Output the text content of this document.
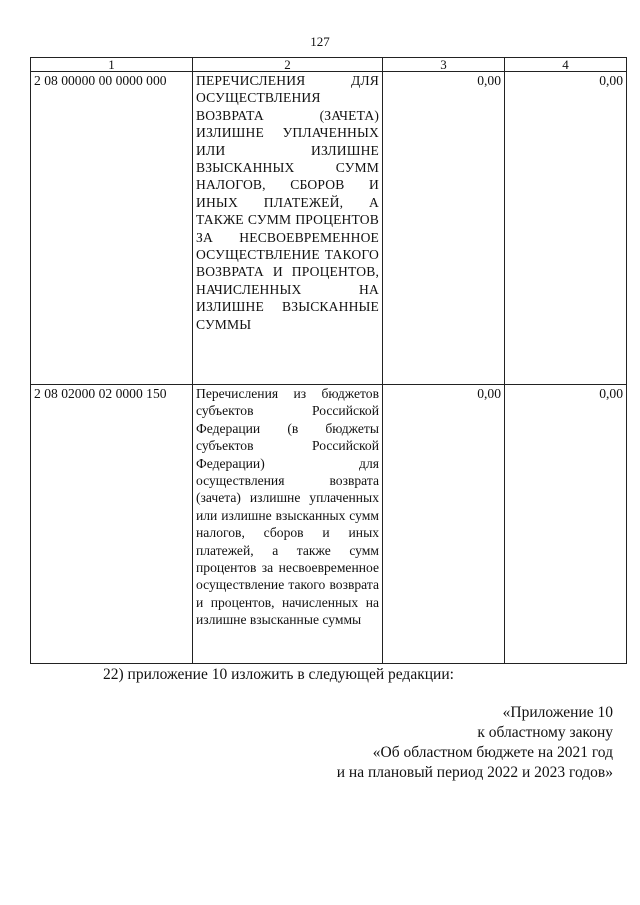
127
1	2	3	4
2 08 00000 00 0000 000	ПЕРЕЧИСЛЕНИЯ ДЛЯ ОСУЩЕСТВЛЕНИЯ ВОЗВРАТА (ЗАЧЕТА) ИЗЛИШНЕ УПЛАЧЕННЫХ ИЛИ ИЗЛИШНЕ ВЗЫСКАННЫХ СУММ НАЛОГОВ, СБОРОВ И ИНЫХ ПЛАТЕЖЕЙ, А ТАКЖЕ СУММ ПРОЦЕНТОВ ЗА НЕСВОЕВРЕМЕННОЕ ОСУЩЕСТВЛЕНИЕ ТАКОГО ВОЗВРАТА И ПРОЦЕНТОВ, НАЧИСЛЕННЫХ НА ИЗЛИШНЕ ВЗЫСКАННЫЕ СУММЫ	0,00	0,00
2 08 02000 02 0000 150	Перечисления из бюджетов субъектов Российской Федерации (в бюджеты субъектов Российской Федерации) для осуществления возврата (зачета) излишне уплаченных или излишне взысканных сумм налогов, сборов и иных платежей, а также сумм процентов за несвоевременное осуществление такого возврата и процентов, начисленных на излишне взысканные суммы	0,00	0,00
22) приложение 10 изложить в следующей редакции:
«Приложение 10
к областному закону
«Об областном бюджете на 2021 год
и на плановый период 2022 и 2023 годов»
